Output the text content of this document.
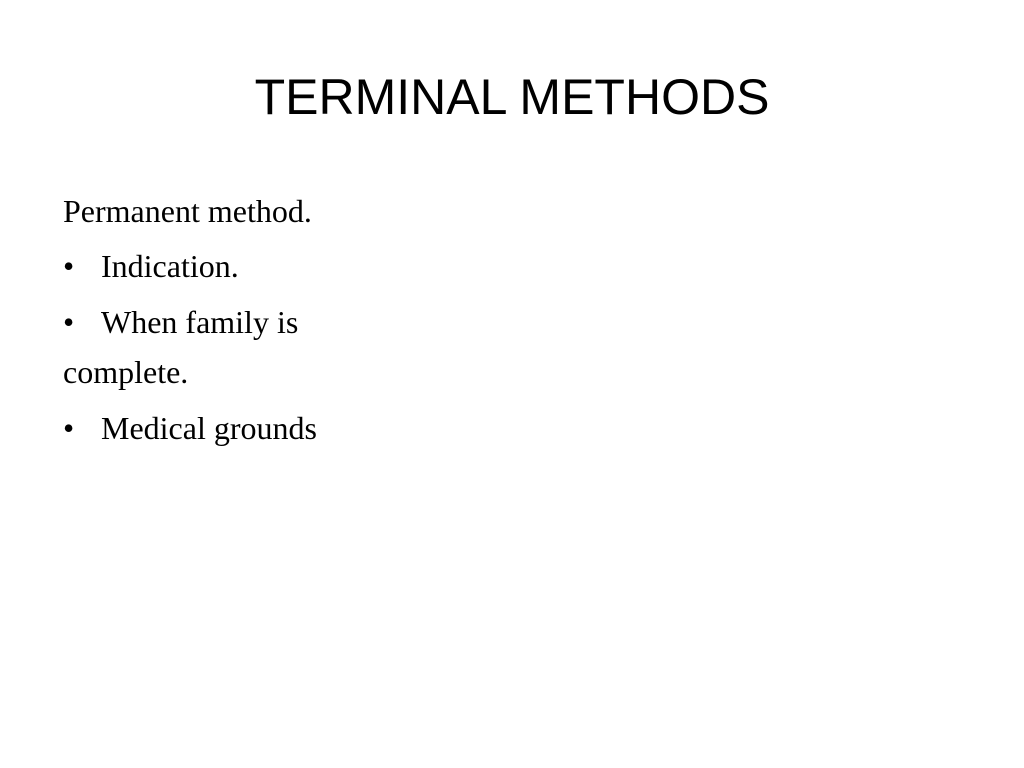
TERMINAL METHODS

Permanent method.

• Indication.
• When family is complete.
• Medical grounds
